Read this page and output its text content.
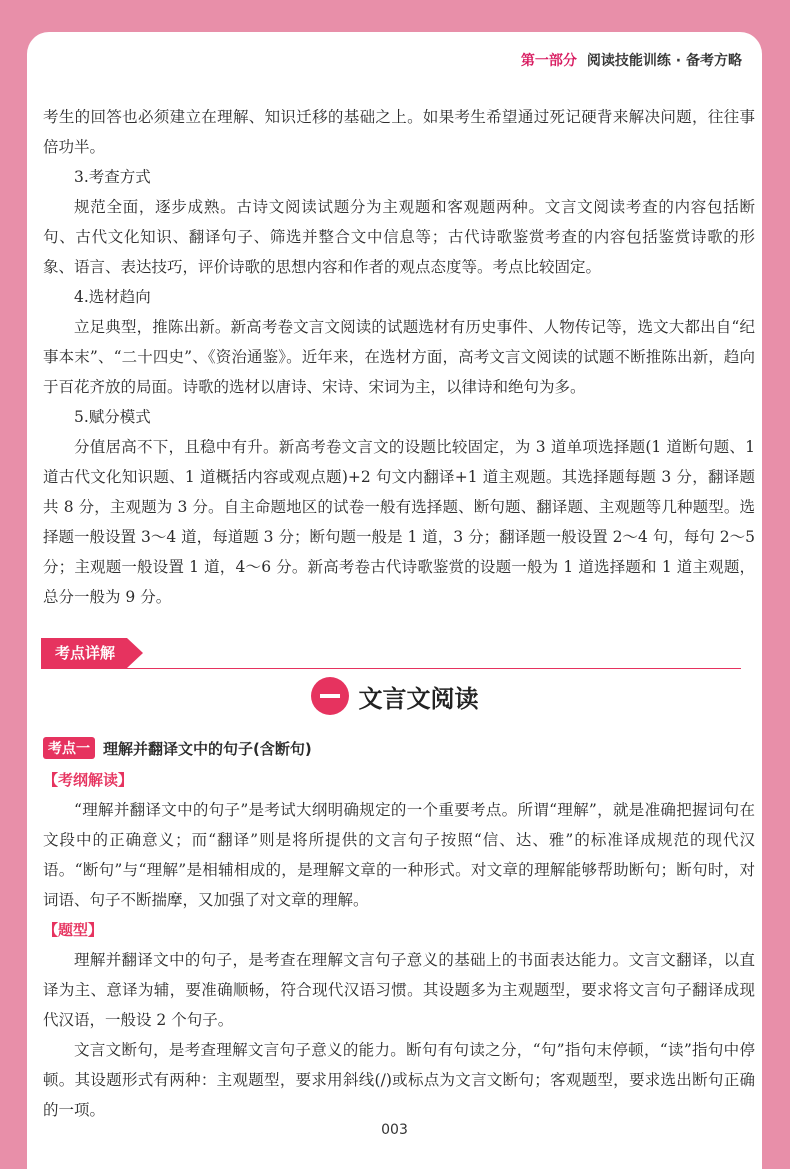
第一部分 阅读技能训练 · 备考方略

考生的回答也必须建立在理解、知识迁移的基础之上。如果考生希望通过死记硬背来解决问题，往往事倍功半。

3.考查方式

规范全面，逐步成熟。古诗文阅读试题分为主观题和客观题两种。文言文阅读考查的内容包括断句、古代文化知识、翻译句子、筛选并整合文中信息等；古代诗歌鉴赏考查的内容包括鉴赏诗歌的形象、语言、表达技巧，评价诗歌的思想内容和作者的观点态度等。考点比较固定。

4.选材趋向

立足典型，推陈出新。新高考卷文言文阅读的试题选材有历史事件、人物传记等，选文大都出自“纪事本末”、“二十四史”、《资治通鉴》。近年来，在选材方面，高考文言文阅读的试题不断推陈出新，趋向于百花齐放的局面。诗歌的选材以唐诗、宋诗、宋词为主，以律诗和绝句为多。

5.赋分模式

分值居高不下，且稳中有升。新高考卷文言文的设题比较固定，为 3 道单项选择题(1 道断句题、1 道古代文化知识题、1 道概括内容或观点题)+2 句文内翻译+1 道主观题。其选择题每题 3 分，翻译题共 8 分，主观题为 3 分。自主命题地区的试卷一般有选择题、断句题、翻译题、主观题等几种题型。选择题一般设置 3～4 道，每道题 3 分；断句题一般是 1 道，3 分；翻译题一般设置 2～4 句，每句 2～5 分；主观题一般设置 1 道，4～6 分。新高考卷古代诗歌鉴赏的设题一般为 1 道选择题和 1 道主观题，总分一般为 9 分。

考点详解
文言文阅读
考点一 理解并翻译文中的句子(含断句)

【考纲解读】

“理解并翻译文中的句子”是考试大纲明确规定的一个重要考点。所谓“理解”，就是准确把握词句在文段中的正确意义；而“翻译”则是将所提供的文言句子按照“信、达、雅”的标准译成规范的现代汉语。“断句”与“理解”是相辅相成的，是理解文章的一种形式。对文章的理解能够帮助断句；断句时，对词语、句子不断揣摩，又加强了对文章的理解。

【题型】

理解并翻译文中的句子，是考查在理解文言句子意义的基础上的书面表达能力。文言文翻译，以直译为主、意译为辅，要准确顺畅，符合现代汉语习惯。其设题多为主观题型，要求将文言句子翻译成现代汉语，一般设 2 个句子。

文言文断句，是考查理解文言句子意义的能力。断句有句读之分，“句”指句末停顿，“读”指句中停顿。其设题形式有两种：主观题型，要求用斜线(/)或标点为文言文断句；客观题型，要求选出断句正确的一项。

003
